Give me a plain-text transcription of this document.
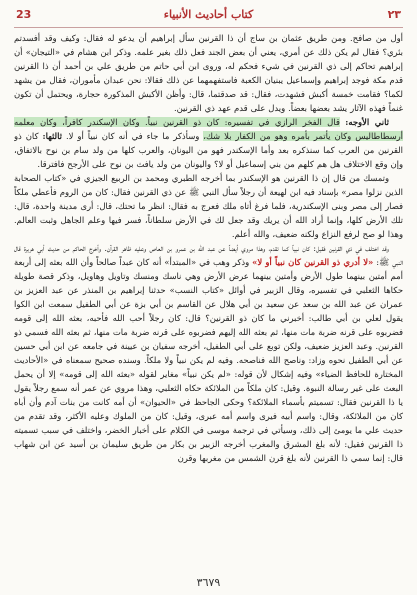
23	كتاب أحاديث الأنبياء	٢٣

أول من صافح. ومن طريق عثمان بن ساج أن ذا القرنين سأل إبراهيم أن يدعو له فقال: وكيف وقد أفسدتم بئري؟ فقال لم يكن ذلك عن أمري، يعني أن بعض الجند فعل ذلك بغير علمه. وذكر ابن هشام في «التيجان» أن إبراهيم تحاكم إلى ذي القرنين في شيء فحكم له، وروى ابن أبي حاتم من طريق علي بن أحمد أن ذا القرنين قدم مكة فوجد إبراهيم وإسماعيل يبنيان الكعبة فاستفهمهما عن ذلك فقالا: نحن عبدان مأموران، فقال من يشهد لكما؟ فقامت خمسة أكبش فشهدت، فقال: قد صدقتما، قال: وأظن الأكبش المذكورة حجارة، ويحتمل أن تكون غنماً فهذه الآثار يشد بعضها بعضاً. ويدل على قدم عهد ذي القرنين.

ثاني الأوجه: قال الفخر الرازي في تفسيره: كان ذو القرنين نبياً. وكان الإسكندر كافراً، وكان معلمه أرسطاطاليس وكان يأتمر بأمره وهو من الكفار بلا شك، وسأذكر ما جاء في أنه كان نبياً أو لا. ثالثها: كان ذو القرنين من العرب كما سنذكره بعد وأما الإسكندر فهو من اليونان، والعرب كلها من ولد سام بن نوح بالاتفاق، وإن وقع الاختلاف هل هم كلهم من بني إسماعيل أو لا؟ واليونان من ولد يافث بن نوح على الأرجح فافترقا.

وتمسك من قال إن ذا القرنين هو الإسكندر بما أخرجه الطبري ومحمد بن الربيع الجيزي في «كتاب الصحابة الذين نزلوا مصر» بإسناد فيه ابن لهيعة أن رجلاً سأل النبي ﷺ عن ذي القرنين فقال: كان من الروم فأعطي ملكاً فصار إلى مصر وبنى الإسكندرية، فلما فرغ أتاه ملك فعرج به فقال: انظر ما تحتك، قال: أرى مدينة واحدة، قال: تلك الأرض كلها، وإنما أراد الله أن يريك وقد جعل لك في الأرض سلطاناً، فسر فيها وعلم الجاهل وثبت العالم. وهذا لو صح لرفع النزاع ولكنه ضعيف، والله أعلم.

وقد اختلف في ذي القرنين فقيل: كان نبياً كما تقدم، وهذا مروي أيضاً عن عبد الله بن عمرو بن العاص وعليه ظاهر القرآن. وأخرج الحاكم من حديث أبي هريرة قال النبي ﷺ: «لا أدري ذو القرنين كان نبياً أو لا» وذكر وهب في «المبتدأ» أنه كان عبداً صالحاً وأن الله بعثه إلى أربعة أمم أمتين بينهما طول الأرض وأمتين بينهما عرض الأرض وهي ناسك ومنسك وتاويل وهاويل، وذكر قصة طويلة حكاها الثعلبي في تفسيره، وقال الزبير في أوائل «كتاب النسب» حدثنا إبراهيم بن المنذر عن عبد العزيز بن عمران عن عبد الله بن سعد عن سعيد بن أبي هلال عن القاسم بن أبي بزة عن أبي الطفيل سمعت ابن الكوا يقول لعلي بن أبي طالب: أخبرني ما كان ذو القرنين؟ قال: كان رجلاً أحب الله فأحبه، بعثه الله إلى قومه فضربوه على قرنه ضربة مات منها، ثم بعثه الله إليهم فضربوه على قرنه ضربة مات منها، ثم بعثه الله فسمي ذو القرنين. وعبد العزيز ضعيف، ولكن توبع على أبي الطفيل، أخرجه سفيان بن عيينة في جامعه عن ابن أبي حسين عن أبي الطفيل نحوه وزاد: وناصح الله فناصحه. وفيه لم يكن نبياً ولا ملكاً. وسنده صحيح سمعناه في «الأحاديث المختارة للحافظ الضياء» وفيه إشكال لأن قوله: «لم يكن نبياً» مغاير لقوله «بعثه الله إلى قومه» إلا أن يحمل البعث على غير رسالة النبوة. وقيل: كان ملكاً من الملائكة حكاه الثعلبي، وهذا مروي عن عمر أنه سمع رجلاً يقول يا ذا القرنين فقال: تسميتم بأسماء الملائكة؟ وحكى الجاحظ في «الحيوان» أن أمه كانت من بنات آدم وأن أباه كان من الملائكة، وقال: واسم أبيه فيرى واسم أمه عبرى، وقيل: كان من الملوك وعليه الأكثر، وقد تقدم من حديث علي ما يومئ إلى ذلك، وسيأتي في ترجمة موسى في الكلام على أخبار الخضر، واختلف في سبب تسميته ذا القرنين فقيل: لأنه بلغ المشرق والمغرب أخرجه الزبير بن بكار من طريق سليمان بن أسيد عن ابن شهاب قال: إنما سمي ذا القرنين لأنه بلغ قرن الشمس من مغربها وقرن

٣٦٧٩
